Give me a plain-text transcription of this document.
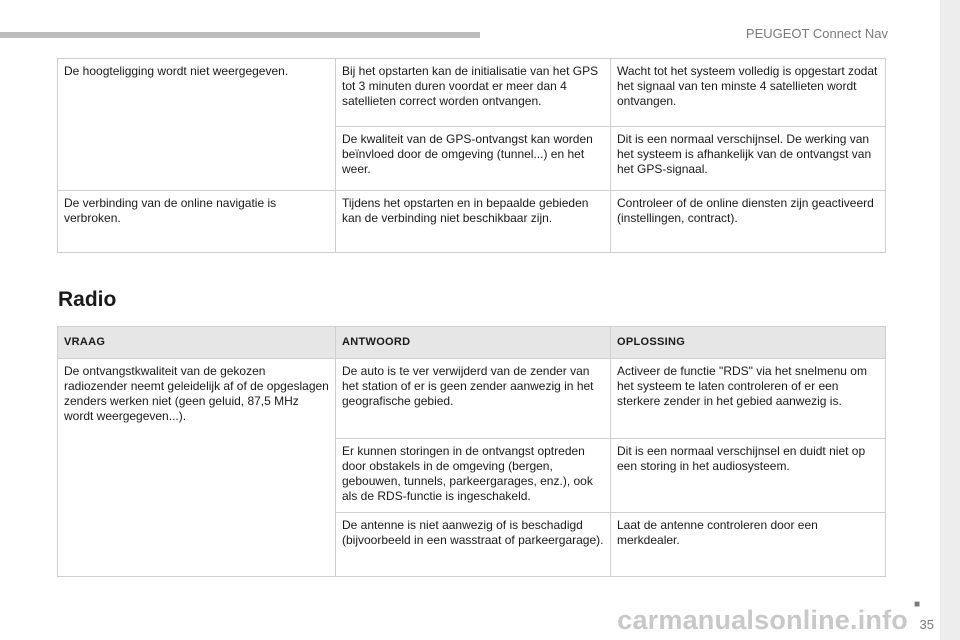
PEUGEOT Connect Nav
De hoogteligging wordt niet weergegeven.	Bij het opstarten kan de initialisatie van het GPS tot 3 minuten duren voordat er meer dan 4 satellieten correct worden ontvangen.	Wacht tot het systeem volledig is opgestart zodat het signaal van ten minste 4 satellieten wordt ontvangen.
	De kwaliteit van de GPS-ontvangst kan worden beïnvloed door de omgeving (tunnel...) en het weer.	Dit is een normaal verschijnsel. De werking van het systeem is afhankelijk van de ontvangst van het GPS-signaal.
De verbinding van de online navigatie is verbroken.	Tijdens het opstarten en in bepaalde gebieden kan de verbinding niet beschikbaar zijn.	Controleer of de online diensten zijn geactiveerd (instellingen, contract).
Radio
VRAAG	ANTWOORD	OPLOSSING
De ontvangstkwaliteit van de gekozen radiozender neemt geleidelijk af of de opgeslagen zenders werken niet (geen geluid, 87,5 MHz wordt weergegeven...).	De auto is te ver verwijderd van de zender van het station of er is geen zender aanwezig in het geografische gebied.	Activeer de functie "RDS" via het snelmenu om het systeem te laten controleren of er een sterkere zender in het gebied aanwezig is.
	Er kunnen storingen in de ontvangst optreden door obstakels in de omgeving (bergen, gebouwen, tunnels, parkeergarages, enz.), ook als de RDS-functie is ingeschakeld.	Dit is een normaal verschijnsel en duidt niet op een storing in het audiosysteem.
	De antenne is niet aanwezig of is beschadigd (bijvoorbeeld in een wasstraat of parkeergarage).	Laat de antenne controleren door een merkdealer.
■
35
carmanualsonline.info
